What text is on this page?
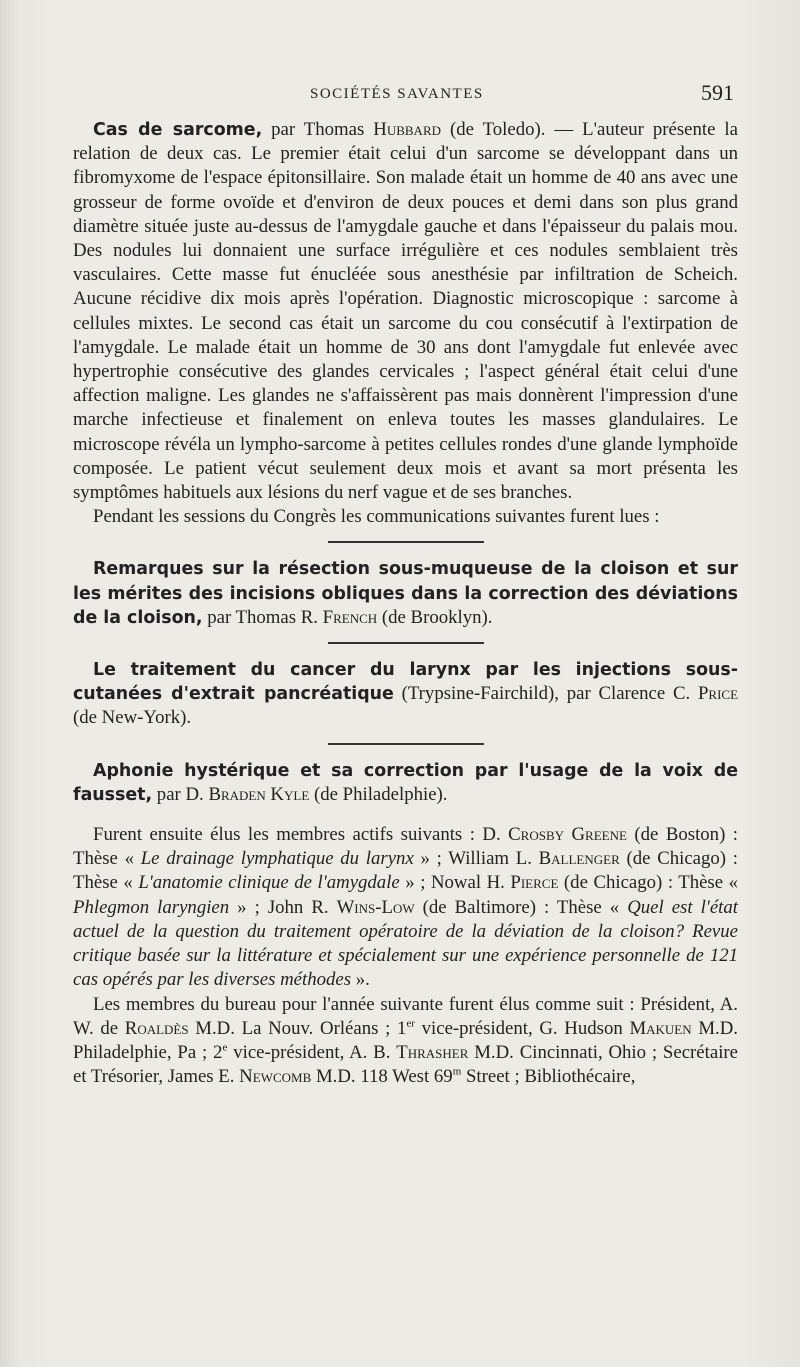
SOCIÉTÉS SAVANTES	591

Cas de sarcome, par Thomas Hubbard (de Toledo). — L'auteur présente la relation de deux cas. Le premier était celui d'un sarcome se développant dans un fibromyxome de l'espace épitonsillaire. Son malade était un homme de 40 ans avec une grosseur de forme ovoïde et d'environ de deux pouces et demi dans son plus grand diamètre située juste au-dessus de l'amygdale gauche et dans l'épaisseur du palais mou. Des nodules lui donnaient une surface irrégulière et ces nodules semblaient très vasculaires. Cette masse fut énucléée sous anesthésie par infiltration de Scheich. Aucune récidive dix mois après l'opération. Diagnostic microscopique : sarcome à cellules mixtes. Le second cas était un sarcome du cou consécutif à l'extirpation de l'amygdale. Le malade était un homme de 30 ans dont l'amygdale fut enlevée avec hypertrophie consécutive des glandes cervicales ; l'aspect général était celui d'une affection maligne. Les glandes ne s'affaissèrent pas mais donnèrent l'impression d'une marche infectieuse et finalement on enleva toutes les masses glandulaires. Le microscope révéla un lympho-sarcome à petites cellules rondes d'une glande lymphoïde composée. Le patient vécut seulement deux mois et avant sa mort présenta les symptômes habituels aux lésions du nerf vague et de ses branches.

Pendant les sessions du Congrès les communications suivantes furent lues :

Remarques sur la résection sous-muqueuse de la cloison et sur les mérites des incisions obliques dans la correction des déviations de la cloison, par Thomas R. French (de Brooklyn).

Le traitement du cancer du larynx par les injections sous-cutanées d'extrait pancréatique (Trypsine-Fairchild), par Clarence C. Price (de New-York).

Aphonie hystérique et sa correction par l'usage de la voix de fausset, par D. Braden Kyle (de Philadelphie).

Furent ensuite élus les membres actifs suivants : D. Crosby Greene (de Boston) : Thèse « Le drainage lymphatique du larynx » ; William L. Ballenger (de Chicago) : Thèse « L'anatomie clinique de l'amygdale » ; Nowal H. Pierce (de Chicago) : Thèse « Phlegmon laryngien » ; John R. Wins-Low (de Baltimore) : Thèse « Quel est l'état actuel de la question du traitement opératoire de la déviation de la cloison? Revue critique basée sur la littérature et spécialement sur une expérience personnelle de 121 cas opérés par les diverses méthodes ».

Les membres du bureau pour l'année suivante furent élus comme suit : Président, A. W. de Roaldès M.D. La Nouv. Orléans ; 1er vice-président, G. Hudson Makuen M.D. Philadelphie, Pa ; 2e vice-président, A. B. Thrasher M.D. Cincinnati, Ohio ; Secrétaire et Trésorier, James E. Newcomb M.D. 118 West 69$^m$ Street ; Bibliothécaire,
